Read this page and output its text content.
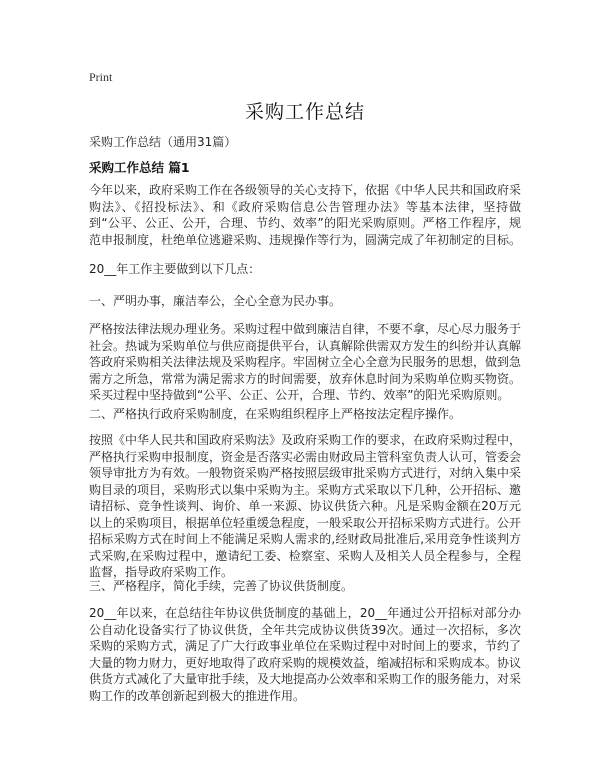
Print
采购工作总结
采购工作总结（通用31篇）
采购工作总结 篇1

今年以来，政府采购工作在各级领导的关心支持下，依据《中华人民共和国政府采购法》、《招投标法》、和《政府采购信息公告管理办法》等基本法律，坚持做到“公平、公正、公开，合理、节约、效率”的阳光采购原则。严格工作程序，规范申报制度，杜绝单位逃避采购、违规操作等行为，圆满完成了年初制定的目标。

20__年工作主要做到以下几点：

一、严明办事，廉洁奉公，全心全意为民办事。

严格按法律法规办理业务。采购过程中做到廉洁自律，不要不拿，尽心尽力服务于社会。热诚为采购单位与供应商提供平台，认真解除供需双方发生的纠纷并认真解答政府采购相关法律法规及采购程序。牢固树立全心全意为民服务的思想，做到急需方之所急，常常为满足需求方的时间需要，放弃休息时间为采购单位购买物资。采买过程中坚持做到“公平、公正、公开，合理、节约、效率”的阳光采购原则。

二、严格执行政府采购制度，在采购组织程序上严格按法定程序操作。

按照《中华人民共和国政府采购法》及政府采购工作的要求，在政府采购过程中，严格执行采购申报制度，资金是否落实必需由财政局主管科室负责人认可，管委会领导审批方为有效。一般物资采购严格按照层级审批采购方式进行，对纳入集中采购目录的项目，采购形式以集中采购为主。采购方式采取以下几种，公开招标、邀请招标、竞争性谈判、询价、单一来源、协议供货六种。凡是采购金额在20万元以上的采购项目，根据单位轻重缓急程度，一般采取公开招标采购方式进行。公开招标采购方式在时间上不能满足采购人需求的,经财政局批准后,采用竞争性谈判方式采购,在采购过程中，邀请纪工委、检察室、采购人及相关人员全程参与，全程监督，指导政府采购工作。

三、严格程序，简化手续，完善了协议供货制度。

20__年以来，在总结往年协议供货制度的基础上，20__年通过公开招标对部分办公自动化设备实行了协议供货，全年共完成协议供货39次。通过一次招标，多次采购的采购方式，满足了广大行政事业单位在采购过程中对时间上的要求，节约了大量的物力财力，更好地取得了政府采购的规模效益，缩减招标和采购成本。协议供货方式减化了大量审批手续，及大地提高办公效率和采购工作的服务能力，对采购工作的改革创新起到极大的推进作用。
